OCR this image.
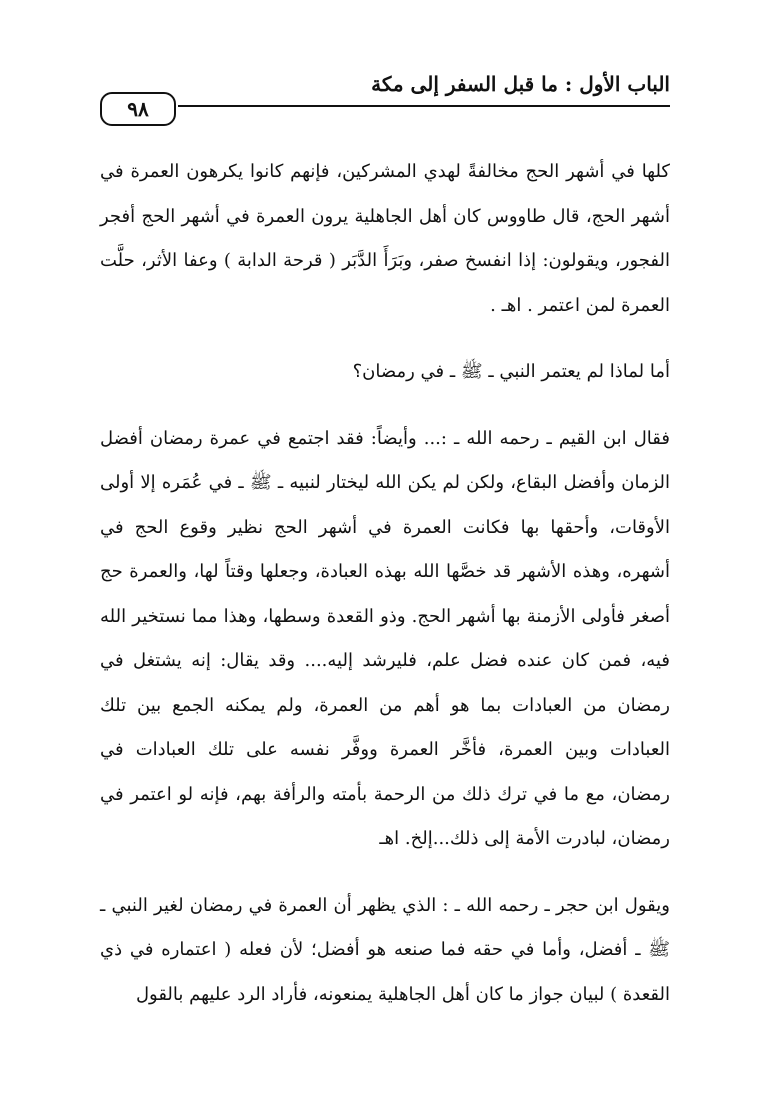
الباب الأول : ما قبل السفر إلى مكة
٩٨

كلها في أشهر الحج مخالفةً لهدي المشركين، فإنهم كانوا يكرهون العمرة في أشهر الحج، قال طاووس كان أهل الجاهلية يرون العمرة في أشهر الحج أفجر الفجور، ويقولون: إذا انفسخ صفر، وبَرَأَ الدَّبَر ( قرحة الدابة ) وعفا الأثر، حلَّت العمرة لمن اعتمر . اهـ .

أما لماذا لم يعتمر النبي ـ ﷺ ـ في رمضان؟

فقال ابن القيم ـ رحمه الله ـ :... وأيضاً: فقد اجتمع في عمرة رمضان أفضل الزمان وأفضل البقاع، ولكن لم يكن الله ليختار لنبيه ـ ﷺ ـ في عُمَره إلا أولى الأوقات، وأحقها بها فكانت العمرة في أشهر الحج نظير وقوع الحج في أشهره، وهذه الأشهر قد خصَّها الله بهذه العبادة، وجعلها وقتاً لها، والعمرة حج أصغر فأولى الأزمنة بها أشهر الحج. وذو القعدة وسطها، وهذا مما نستخير الله فيه، فمن كان عنده فضل علم، فليرشد إليه.... وقد يقال: إنه يشتغل في رمضان من العبادات بما هو أهم من العمرة، ولم يمكنه الجمع بين تلك العبادات وبين العمرة، فأخَّر العمرة ووفَّر نفسه على تلك العبادات في رمضان، مع ما في ترك ذلك من الرحمة بأمته والرأفة بهم، فإنه لو اعتمر في رمضان، لبادرت الأمة إلى ذلك...إلخ. اهـ

ويقول ابن حجر ـ رحمه الله ـ : الذي يظهر أن العمرة في رمضان لغير النبي ـ ﷺ ـ أفضل، وأما في حقه فما صنعه هو أفضل؛ لأن فعله ( اعتماره في ذي القعدة ) لبيان جواز ما كان أهل الجاهلية يمنعونه، فأراد الرد عليهم بالقول
